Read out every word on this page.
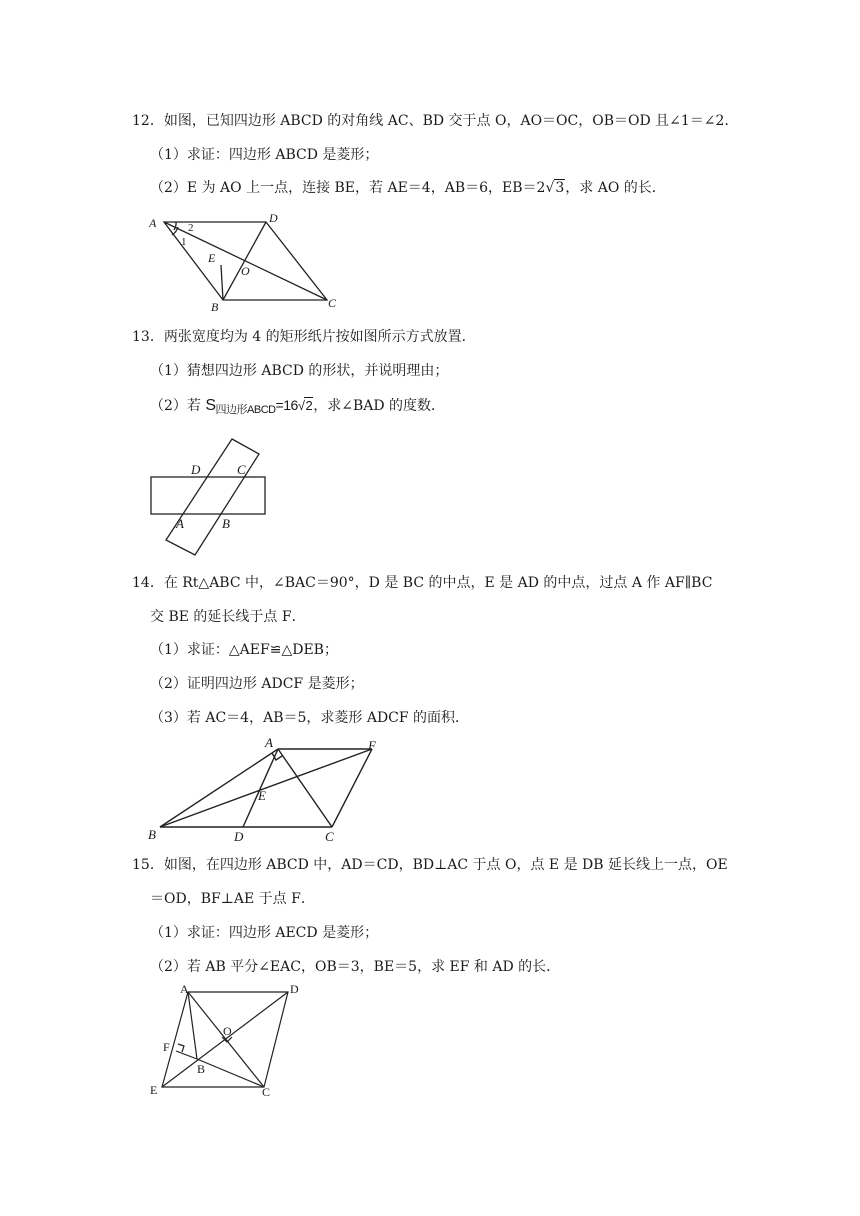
12．如图，已知四边形 ABCD 的对角线 AC、BD 交于点 O，AO＝OC，OB＝OD 且∠1＝∠2．
（1）求证：四边形 ABCD 是菱形；
（2）E 为 AO 上一点，连接 BE，若 AE＝4，AB＝6，EB＝2√3，求 AO 的长．
A	D
C
B
E
O
1
2
13．两张宽度均为 4 的矩形纸片按如图所示方式放置．
（1）猜想四边形 ABCD 的形状，并说明理由；
（2）若 $S_{四边形ABCD}=16√2$，求∠BAD 的度数．
D	C
A	B
14．在 Rt△ABC 中，∠BAC＝90°，D 是 BC 的中点，E 是 AD 的中点，过点 A 作 AF∥BC
交 BE 的延长线于点 F．
（1）求证：△AEF≌△DEB；
（2）证明四边形 ADCF 是菱形；
（3）若 AC＝4，AB＝5，求菱形 ADCF 的面积．
A	F
E
B	D	C
15．如图，在四边形 ABCD 中，AD＝CD，BD⊥AC 于点 O，点 E 是 DB 延长线上一点，OE
＝OD，BF⊥AE 于点 F．
（1）求证：四边形 AECD 是菱形；
（2）若 AB 平分∠EAC，OB＝3，BE＝5，求 EF 和 AD 的长．
A	D
O
F
B
E	C
